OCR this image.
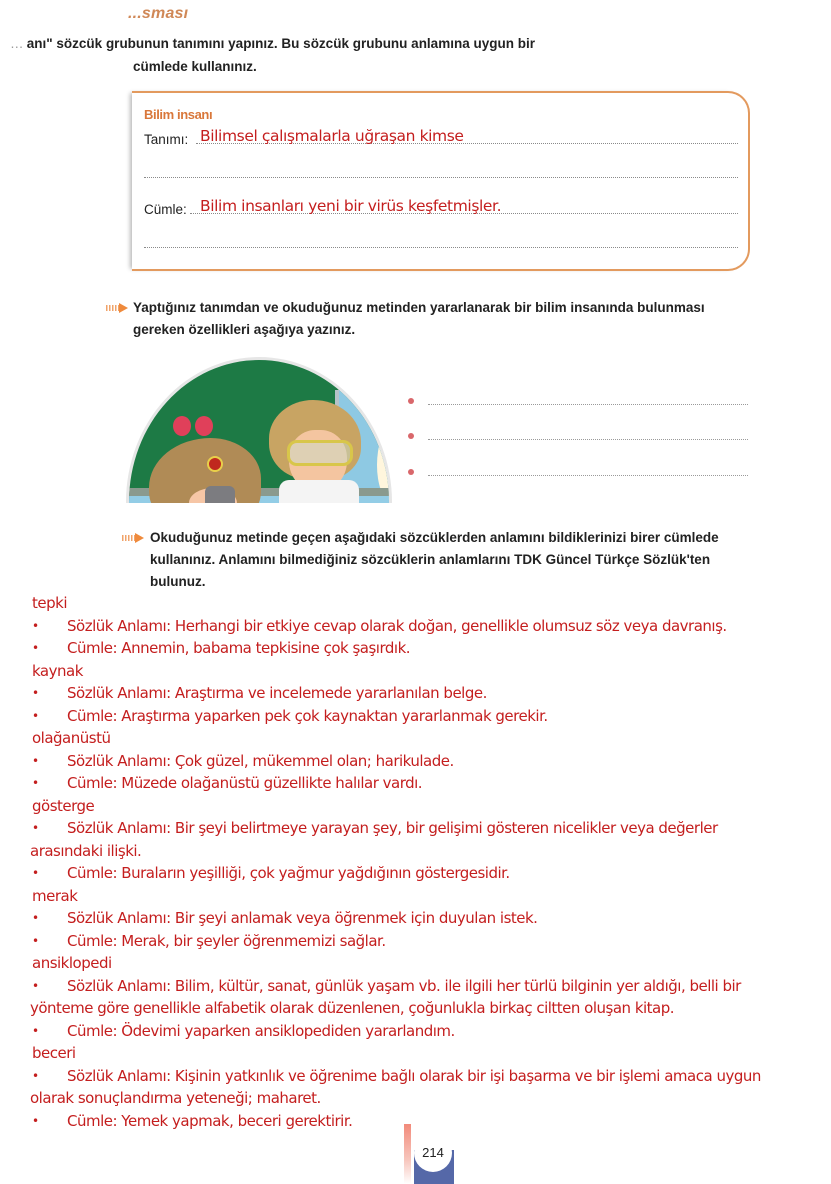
...sması
… anı" sözcük grubunun tanımını yapınız. Bu sözcük grubunu anlamına uygun bir
cümlede kullanınız.
Bilim insanı
Tanımı: Bilimsel çalışmalarla uğraşan kimse
Cümle: Bilim insanları yeni bir virüs keşfetmişler.
Yaptığınız tanımdan ve okuduğunuz metinden yararlanarak bir bilim insanında bulunması
gereken özellikleri aşağıya yazınız.
Okuduğunuz metinde geçen aşağıdaki sözcüklerden anlamını bildiklerinizi birer cümlede
kullanınız. Anlamını bilmediğiniz sözcüklerin anlamlarını TDK Güncel Türkçe Sözlük'ten
bulunuz.
tepki
• Sözlük Anlamı: Herhangi bir etkiye cevap olarak doğan, genellikle olumsuz söz veya davranış.
• Cümle: Annemin, babama tepkisine çok şaşırdık.
kaynak
• Sözlük Anlamı: Araştırma ve incelemede yararlanılan belge.
• Cümle: Araştırma yaparken pek çok kaynaktan yararlanmak gerekir.
olağanüstü
• Sözlük Anlamı: Çok güzel, mükemmel olan; harikulade.
• Cümle: Müzede olağanüstü güzellikte halılar vardı.
gösterge
• Sözlük Anlamı: Bir şeyi belirtmeye yarayan şey, bir gelişimi gösteren nicelikler veya değerler
arasındaki ilişki.
• Cümle: Buraların yeşilliği, çok yağmur yağdığının göstergesidir.
merak
• Sözlük Anlamı: Bir şeyi anlamak veya öğrenmek için duyulan istek.
• Cümle: Merak, bir şeyler öğrenmemizi sağlar.
ansiklopedi
• Sözlük Anlamı: Bilim, kültür, sanat, günlük yaşam vb. ile ilgili her türlü bilginin yer aldığı, belli bir
yönteme göre genellikle alfabetik olarak düzenlenen, çoğunlukla birkaç ciltten oluşan kitap.
• Cümle: Ödevimi yaparken ansiklopediden yararlandım.
beceri
• Sözlük Anlamı: Kişinin yatkınlık ve öğrenime bağlı olarak bir işi başarma ve bir işlemi amaca uygun
olarak sonuçlandırma yeteneği; maharet.
• Cümle: Yemek yapmak, beceri gerektirir.
214
